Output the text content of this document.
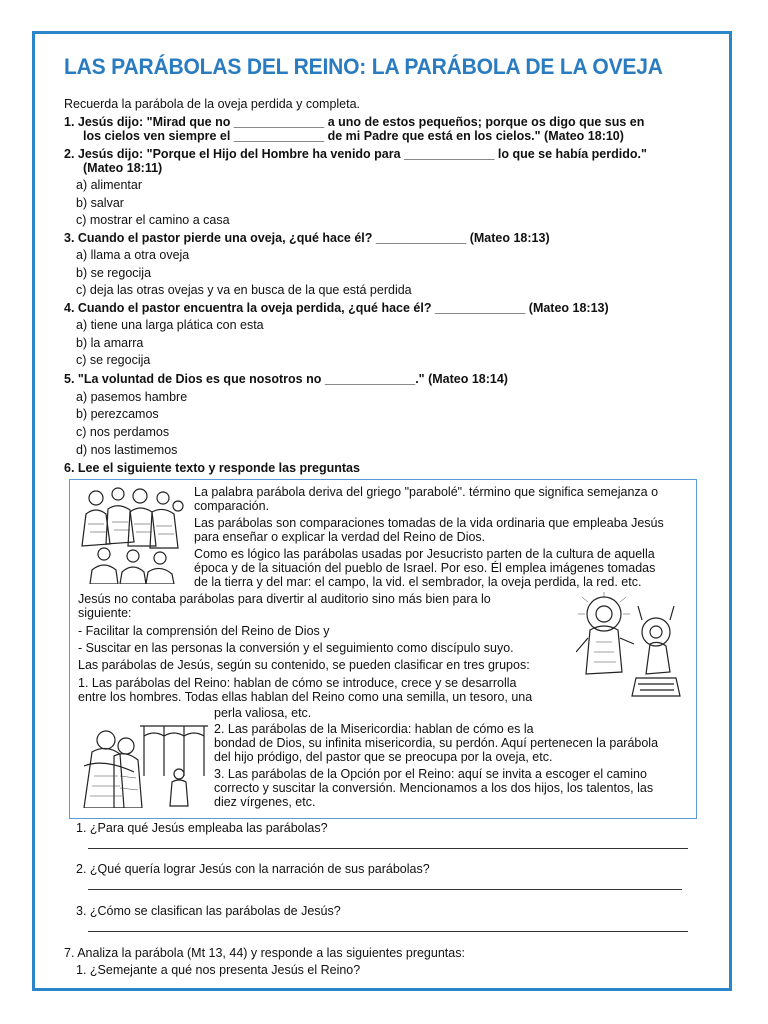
LAS PARÁBOLAS DEL REINO: LA PARÁBOLA DE LA OVEJA

Recuerda la parábola de la oveja perdida y completa.

1. Jesús dijo: "Mirad que no _____________ a uno de estos pequeños; porque os digo que sus en

los cielos ven siempre el _____________ de mi Padre que está en los cielos." (Mateo 18:10)

2. Jesús dijo: "Porque el Hijo del Hombre ha venido para _____________ lo que se había perdido."

(Mateo 18:11)

a) alimentar

b) salvar

c) mostrar el camino a casa

3. Cuando el pastor pierde una oveja, ¿qué hace él? _____________ (Mateo 18:13)

a) llama a otra oveja

b) se regocija

c) deja las otras ovejas y va en busca de la que está perdida

4. Cuando el pastor encuentra la oveja perdida, ¿qué hace él? _____________ (Mateo 18:13)

a) tiene una larga plática con esta

b) la amarra

c) se regocija

5. "La voluntad de Dios es que nosotros no _____________." (Mateo 18:14)

a) pasemos hambre

b) perezcamos

c) nos perdamos

d) nos lastimemos

6. Lee el siguiente texto y responde las preguntas

La palabra parábola deriva del griego "parabolé". término que significa semejanza o

comparación.

Las parábolas son comparaciones tomadas de la vida ordinaria que empleaba Jesús

para enseñar o explicar la verdad del Reino de Dios.

Como es lógico las parábolas usadas por Jesucristo parten de la cultura de aquella

época y de la situación del pueblo de Israel. Por eso. Él emplea imágenes tomadas

de la tierra y del mar: el campo, la vid. el sembrador, la oveja perdida, la red. etc.

Jesús no contaba parábolas para divertir al auditorio sino más bien para lo

siguiente:

- Facilitar la comprensión del Reino de Dios y

- Suscitar en las personas la conversión y el seguimiento como discípulo suyo.

Las parábolas de Jesús, según su contenido, se pueden clasificar en tres grupos:

1. Las parábolas del Reino: hablan de cómo se introduce, crece y se desarrolla

entre los hombres. Todas ellas hablan del Reino como una semilla, un tesoro, una

perla valiosa, etc.

2. Las parábolas de la Misericordia: hablan de cómo es la

bondad de Dios, su infinita misericordia, su perdón. Aquí pertenecen la parábola

del hijo pródigo, del pastor que se preocupa por la oveja, etc.

3. Las parábolas de la Opción por el Reino: aquí se invita a escoger el camino

correcto y suscitar la conversión. Mencionamos a los dos hijos, los talentos, las

diez vírgenes, etc.

1. ¿Para qué Jesús empleaba las parábolas?

2. ¿Qué quería lograr Jesús con la narración de sus parábolas?

3. ¿Cómo se clasifican las parábolas de Jesús?

7. Analiza la parábola (Mt 13, 44) y responde a las siguientes preguntas:

1. ¿Semejante a qué nos presenta Jesús el Reino?
